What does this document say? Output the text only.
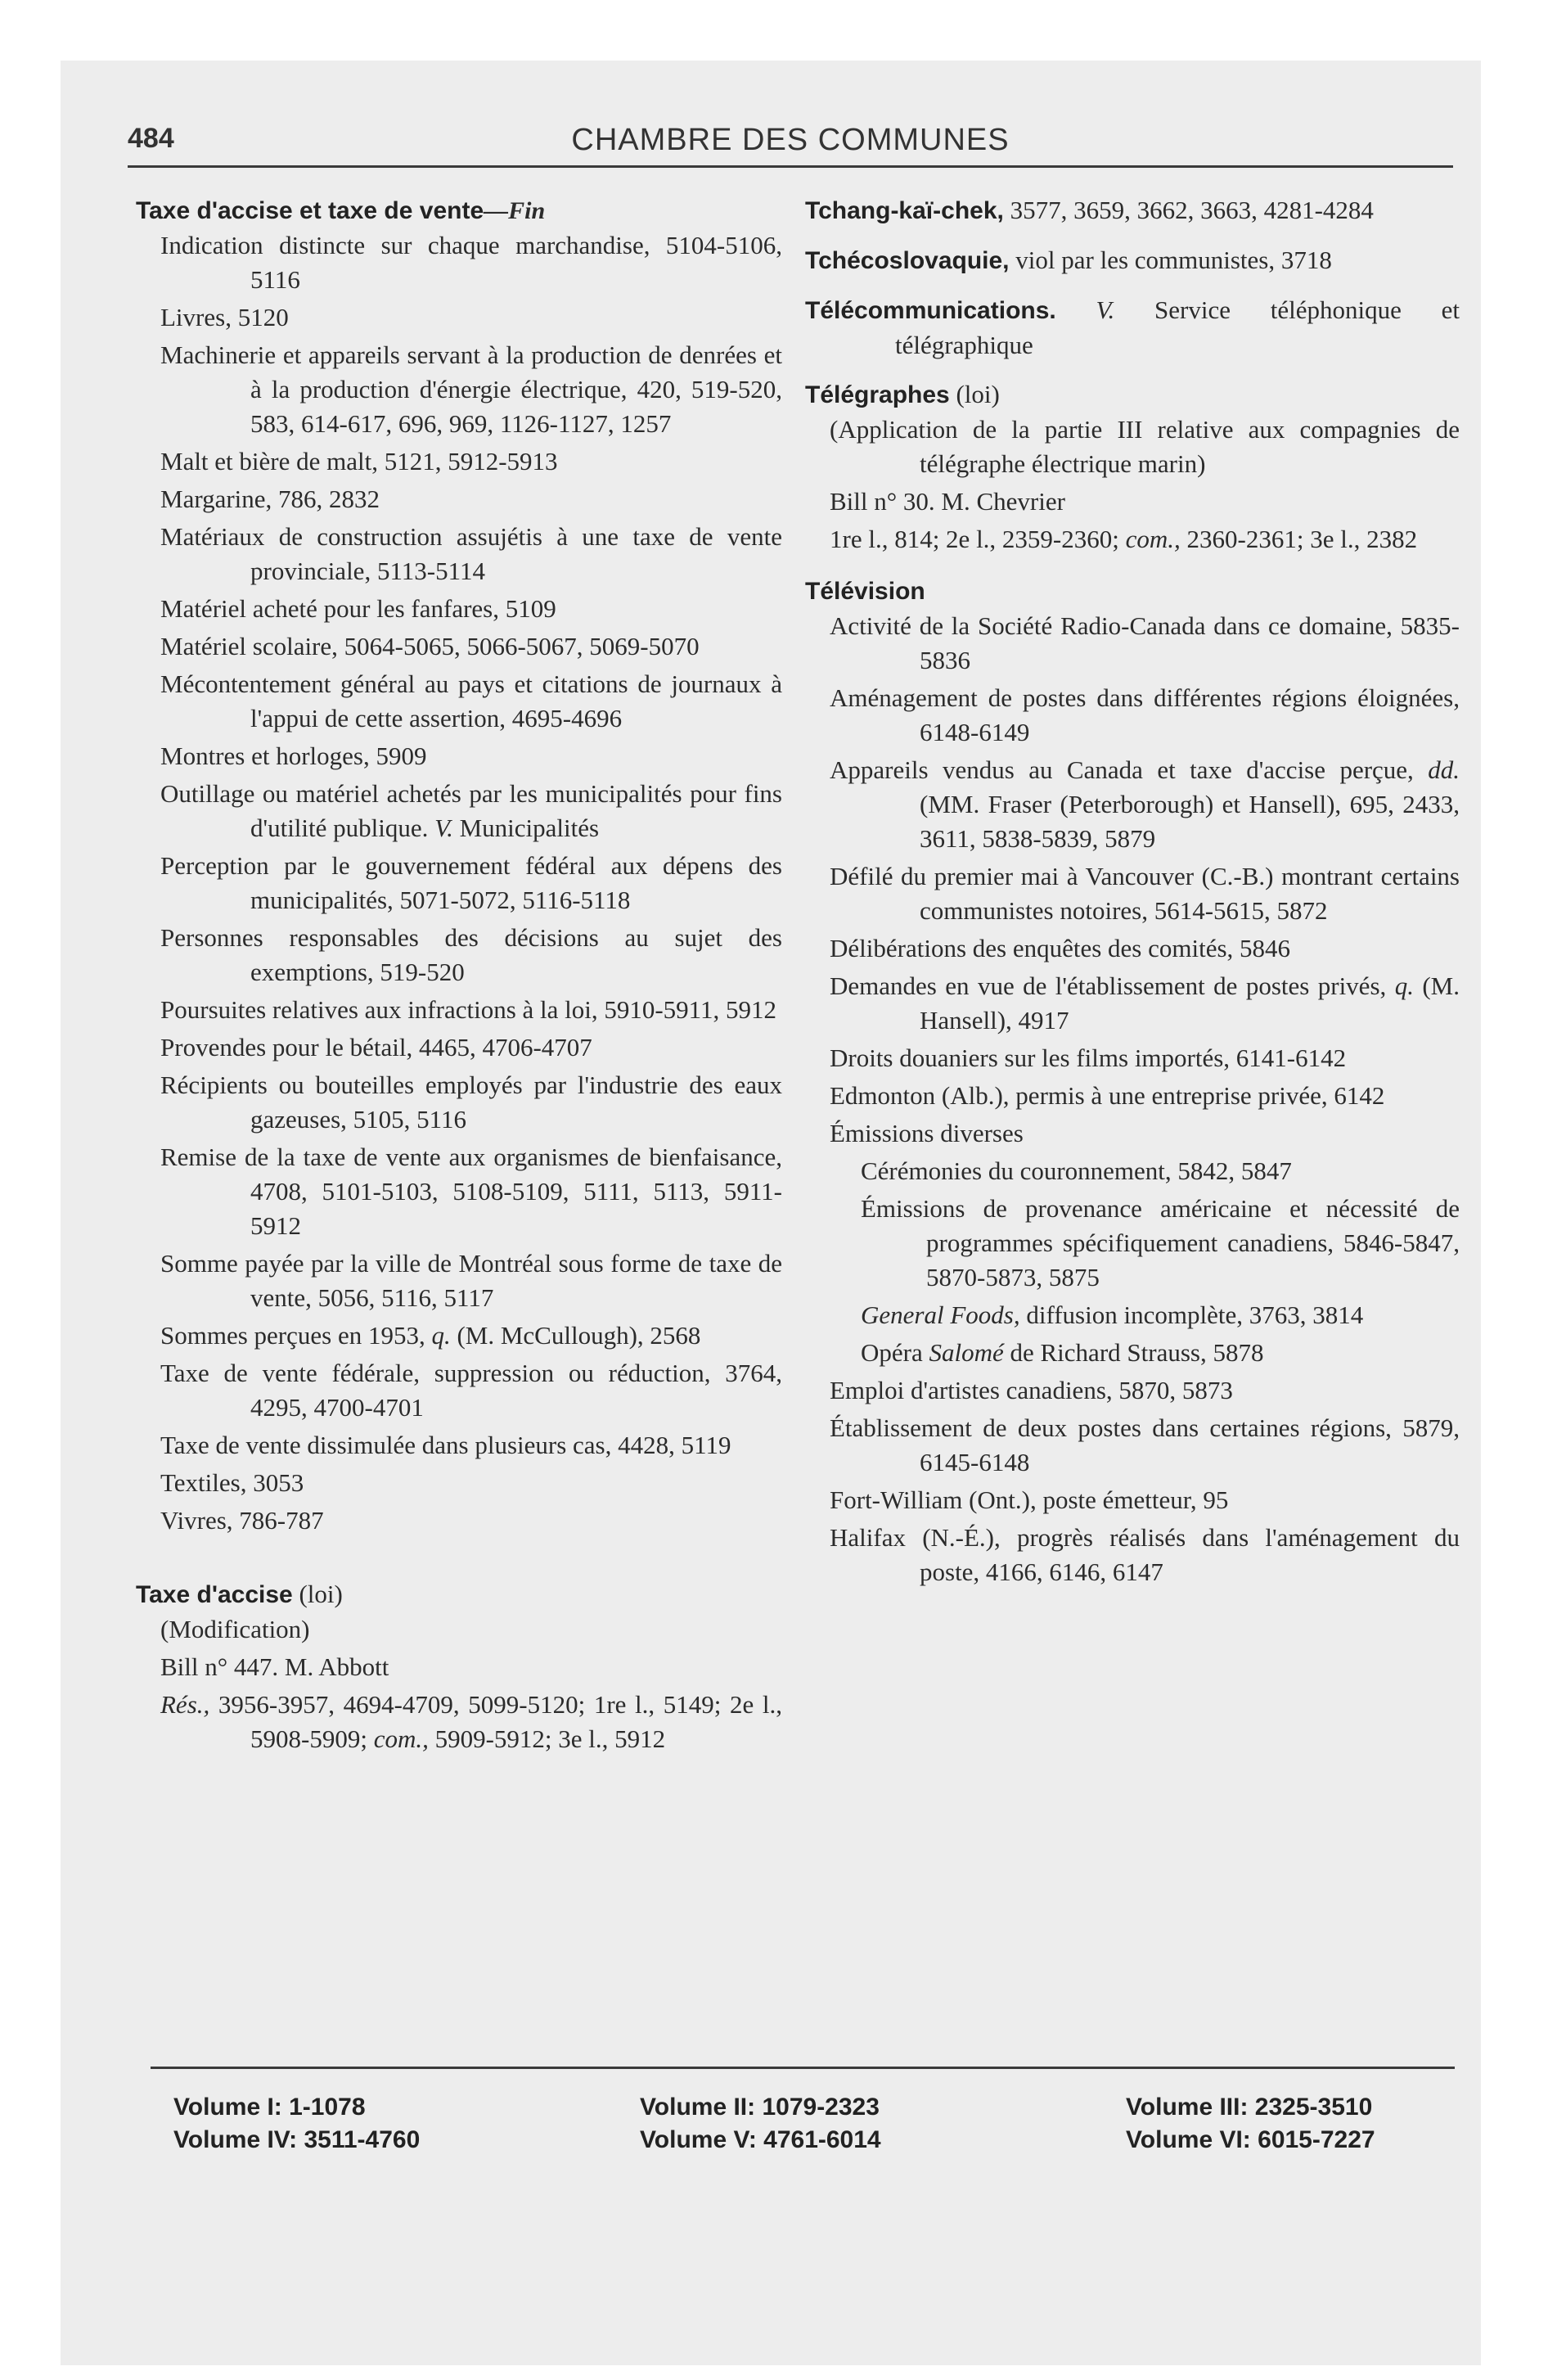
484	CHAMBRE DES COMMUNES
Taxe d'accise et taxe de vente—Fin
Indication distincte sur chaque marchandise, 5104-5106, 5116
Livres, 5120
Machinerie et appareils servant à la production de denrées et à la production d'énergie électrique, 420, 519-520, 583, 614-617, 696, 969, 1126-1127, 1257
Malt et bière de malt, 5121, 5912-5913
Margarine, 786, 2832
Matériaux de construction assujétis à une taxe de vente provinciale, 5113-5114
Matériel acheté pour les fanfares, 5109
Matériel scolaire, 5064-5065, 5066-5067, 5069-5070
Mécontentement général au pays et citations de journaux à l'appui de cette assertion, 4695-4696
Montres et horloges, 5909
Outillage ou matériel achetés par les municipalités pour fins d'utilité publique. V. Municipalités
Perception par le gouvernement fédéral aux dépens des municipalités, 5071-5072, 5116-5118
Personnes responsables des décisions au sujet des exemptions, 519-520
Poursuites relatives aux infractions à la loi, 5910-5911, 5912
Provendes pour le bétail, 4465, 4706-4707
Récipients ou bouteilles employés par l'industrie des eaux gazeuses, 5105, 5116
Remise de la taxe de vente aux organismes de bienfaisance, 4708, 5101-5103, 5108-5109, 5111, 5113, 5911-5912
Somme payée par la ville de Montréal sous forme de taxe de vente, 5056, 5116, 5117
Sommes perçues en 1953, q. (M. McCullough), 2568
Taxe de vente fédérale, suppression ou réduction, 3764, 4295, 4700-4701
Taxe de vente dissimulée dans plusieurs cas, 4428, 5119
Textiles, 3053
Vivres, 786-787
Taxe d'accise (loi)
(Modification)
Bill n° 447. M. Abbott
Rés., 3956-3957, 4694-4709, 5099-5120; 1re l., 5149; 2e l., 5908-5909; com., 5909-5912; 3e l., 5912
Tchang-kaï-chek, 3577, 3659, 3662, 3663, 4281-4284
Tchécoslovaquie, viol par les communistes, 3718
Télécommunications. V. Service téléphonique et télégraphique
Télégraphes (loi)
(Application de la partie III relative aux compagnies de télégraphe électrique marin)
Bill n° 30. M. Chevrier
1re l., 814; 2e l., 2359-2360; com., 2360-2361; 3e l., 2382
Télévision
Activité de la Société Radio-Canada dans ce domaine, 5835-5836
Aménagement de postes dans différentes régions éloignées, 6148-6149
Appareils vendus au Canada et taxe d'accise perçue, dd. (MM. Fraser (Peterborough) et Hansell), 695, 2433, 3611, 5838-5839, 5879
Défilé du premier mai à Vancouver (C.-B.) montrant certains communistes notoires, 5614-5615, 5872
Délibérations des enquêtes des comités, 5846
Demandes en vue de l'établissement de postes privés, q. (M. Hansell), 4917
Droits douaniers sur les films importés, 6141-6142
Edmonton (Alb.), permis à une entreprise privée, 6142
Émissions diverses
Cérémonies du couronnement, 5842, 5847
Émissions de provenance américaine et nécessité de programmes spécifiquement canadiens, 5846-5847, 5870-5873, 5875
General Foods, diffusion incomplète, 3763, 3814
Opéra Salomé de Richard Strauss, 5878
Emploi d'artistes canadiens, 5870, 5873
Établissement de deux postes dans certaines régions, 5879, 6145-6148
Fort-William (Ont.), poste émetteur, 95
Halifax (N.-É.), progrès réalisés dans l'aménagement du poste, 4166, 6146, 6147
Volume I: 1-1078	Volume II: 1079-2323	Volume III: 2325-3510
Volume IV: 3511-4760	Volume V: 4761-6014	Volume VI: 6015-7227
